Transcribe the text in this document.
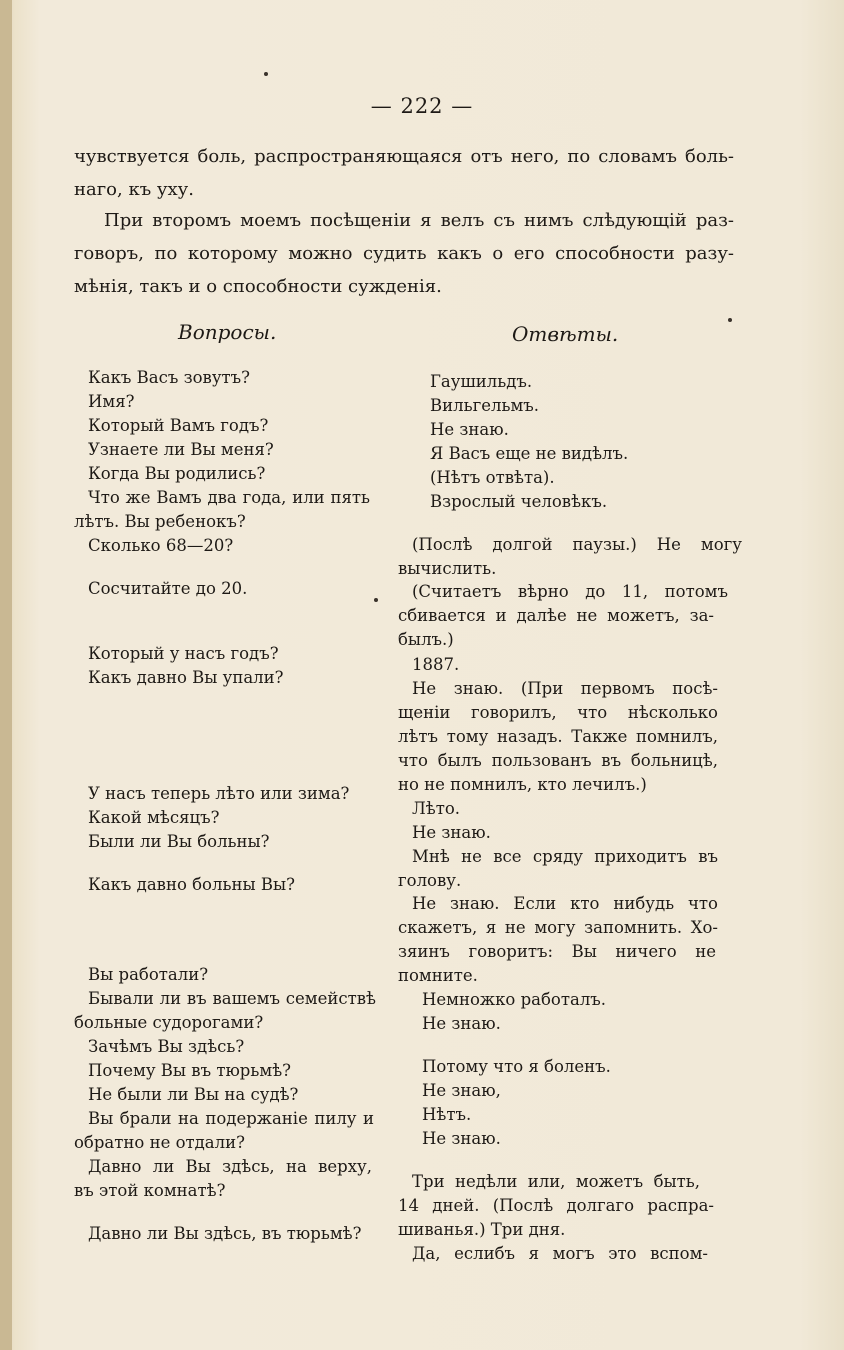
— 222 —
чувствуется боль, распространяющаяся отъ него, по словамъ боль-
наго, къ уху.
При второмъ моемъ посѣщеніи я велъ съ нимъ слѣдующій раз-
говоръ, по которому можно судить какъ о его способности разу-
мѣнія, такъ и о способности сужденія.
Вопросы.	Отвѣты.
Какъ Васъ зовутъ?
Имя?
Который Вамъ годъ?
Узнаете ли Вы меня?
Когда Вы родились?
Что же Вамъ два года, или пять
лѣтъ. Вы ребенокъ?
Сколько 68—20?
Сосчитайте до 20.
Который у насъ годъ?
Какъ давно Вы упали?
У насъ теперь лѣто или зима?
Какой мѣсяцъ?
Были ли Вы больны?
Какъ давно больны Вы?
Вы работали?
Бывали ли въ вашемъ семействѣ
больные судорогами?
Зачѣмъ Вы здѣсь?
Почему Вы въ тюрьмѣ?
Не были ли Вы на судѣ?
Вы брали на подержаніе пилу и
обратно не отдали?
Давно ли Вы здѣсь, на верху,
въ этой комнатѣ?
Давно ли Вы здѣсь, въ тюрьмѣ?
Гаушильдъ.
Вильгельмъ.
Не знаю.
Я Васъ еще не видѣлъ.
(Нѣтъ отвѣта).
Взрослый человѣкъ.
(Послѣ долгой паузы.) Не могу
вычислить.
(Считаетъ вѣрно до 11, потомъ
сбивается и далѣе не можетъ, за-
былъ.)
1887.
Не знаю. (При первомъ посѣ-
щеніи говорилъ, что нѣсколько
лѣтъ тому назадъ. Также помнилъ,
что былъ пользованъ въ больницѣ,
но не помнилъ, кто лечилъ.)
Лѣто.
Не знаю.
Мнѣ не все сряду приходитъ въ
голову.
Не знаю. Если кто нибудь что
скажетъ, я не могу запомнить. Хо-
зяинъ говоритъ: Вы ничего не
помните.
Немножко работалъ.
Не знаю.
Потому что я боленъ.
Не знаю,
Нѣтъ.
Не знаю.
Три недѣли или, можетъ быть,
14 дней. (Послѣ долгаго распра-
шиванья.) Три дня.
Да, еслибъ я могъ это вспом-
